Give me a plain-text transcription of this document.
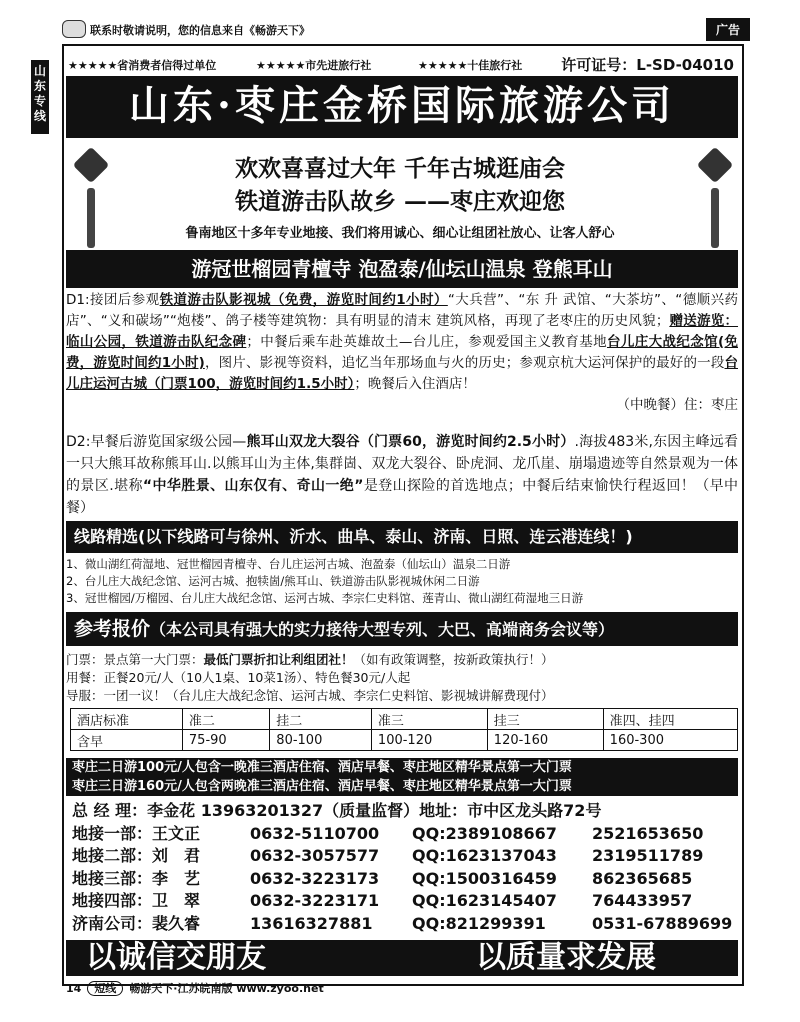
联系时敬请说明，您的信息来自《畅游天下》	广告
山东专线
★★★★★省消费者信得过单位	★★★★★市先进旅行社	★★★★★十佳旅行社	许可证号：L-SD-04010
山东·枣庄金桥国际旅游公司
欢欢喜喜过大年 千年古城逛庙会
铁道游击队故乡 ——枣庄欢迎您
鲁南地区十多年专业地接、我们将用诚心、细心让组团社放心、让客人舒心
游冠世榴园青檀寺 泡盈泰/仙坛山温泉 登熊耳山
D1:接团后参观铁道游击队影视城（免费，游览时间约1小时）“大兵营”、“东 升 武馆、“大茶坊”、“德顺兴药店”、“义和碳场”“炮楼”、鸽子楼等建筑物：具有明显的清末 建筑风格，再现了老枣庄的历史风貌；赠送游览：临山公园，铁道游击队纪念碑；中餐后乘车赴英雄故土—台儿庄，参观爱国主义教育基地台儿庄大战纪念馆(免费，游览时间约1小时)，图片、影视等资料，追忆当年那场血与火的历史；参观京杭大运河保护的最好的一段台儿庄运河古城（门票100，游览时间约1.5小时）；晚餐后入住酒店！
（中晚餐）住：枣庄
D2:早餐后游览国家级公园—熊耳山双龙大裂谷（门票60，游览时间约2.5小时）.海拔483米,东因主峰远看一只大熊耳故称熊耳山.以熊耳山为主体,集群崮、双龙大裂谷、卧虎洞、龙爪崖、崩塌遗迹等自然景观为一体的景区.堪称“中华胜景、山东仅有、奇山一绝”是登山探险的首选地点；中餐后结束愉快行程返回！（早中餐）
线路精选(以下线路可与徐州、沂水、曲阜、泰山、济南、日照、连云港连线！)
1、微山湖红荷湿地、冠世榴园青檀寺、台儿庄运河古城、泡盈泰（仙坛山）温泉二日游
2、台儿庄大战纪念馆、运河古城、抱犊崮/熊耳山、铁道游击队影视城休闲二日游
3、冠世榴园/万榴园、台儿庄大战纪念馆、运河古城、李宗仁史料馆、莲青山、微山湖红荷湿地三日游
参考报价（本公司具有强大的实力接待大型专列、大巴、高端商务会议等）
门票：景点第一大门票：最低门票折扣让利组团社！（如有政策调整，按新政策执行！）
用餐：正餐20元/人（10人1桌、10菜1汤）、特色餐30元/人起
导服：一团一议！（台儿庄大战纪念馆、运河古城、李宗仁史料馆、影视城讲解费现付）
酒店标准	准二	挂二	准三	挂三	准四、挂四
含早	75-90	80-100	100-120	120-160	160-300
枣庄二日游100元/人包含一晚准三酒店住宿、酒店早餐、枣庄地区精华景点第一大门票
枣庄三日游160元/人包含两晚准三酒店住宿、酒店早餐、枣庄地区精华景点第一大门票
总 经 理：李金花 13963201327（质量监督）地址：市中区龙头路72号
地接一部：王文正	0632-5110700 QQ:2389108667 2521653650
地接二部：刘　君	0632-3057577 QQ:1623137043 2319511789
地接三部：李　艺	0632-3223173 QQ:1500316459 862365685
地接四部：卫　翠	0632-3223171 QQ:1623145407 764433957
济南公司：裴久睿	13616327881 QQ:821299391	0531-67889699
以诚信交朋友	以质量求发展
14 短线 畅游天下·江苏皖南版 www.zyoo.net
